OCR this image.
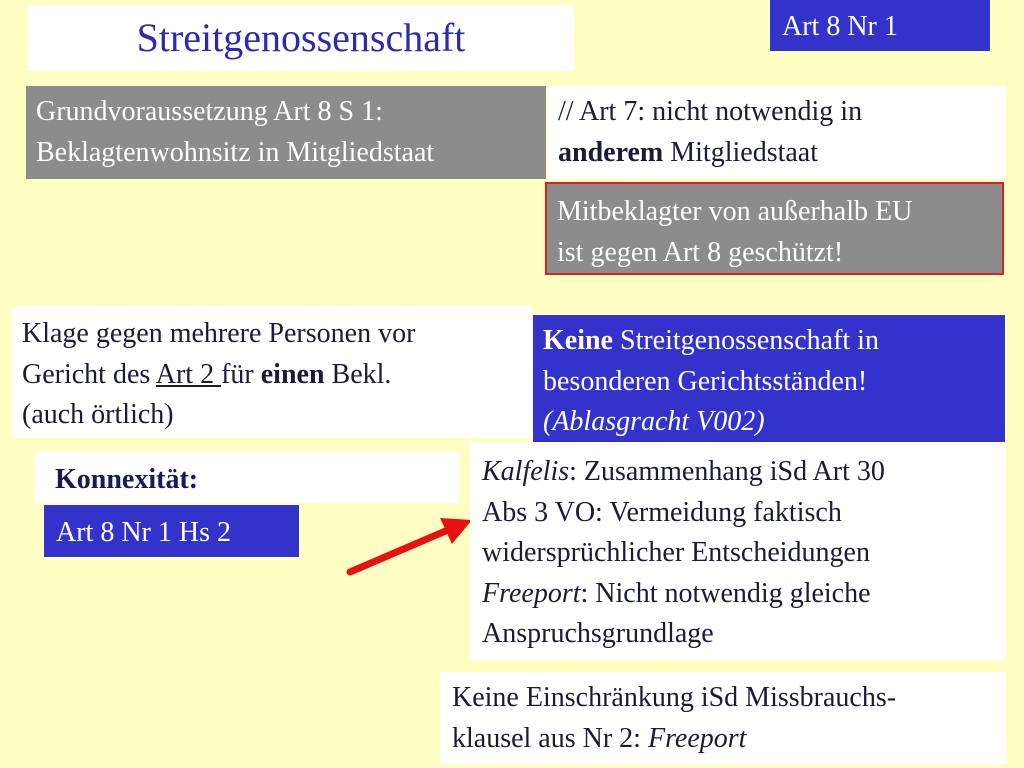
Streitgenossenschaft	Art 8 Nr 1
Grundvoraussetzung Art 8 S 1:
Beklagtenwohnsitz in Mitgliedstaat
// Art 7: nicht notwendig in
anderem Mitgliedstaat
Mitbeklagter von außerhalb EU
ist gegen Art 8 geschützt!
Klage gegen mehrere Personen vor
Gericht des Art 2 für einen Bekl.
(auch örtlich)
Keine Streitgenossenschaft in
besonderen Gerichtsständen!
(Ablasgracht V002)
Konnexität:
Art 8 Nr 1 Hs 2
Kalfelis: Zusammenhang iSd Art 30
Abs 3 VO: Vermeidung faktisch
widersprüchlicher Entscheidungen
Freeport: Nicht notwendig gleiche
Anspruchsgrundlage
Keine Einschränkung iSd Missbrauchs-
klausel aus Nr 2: Freeport
